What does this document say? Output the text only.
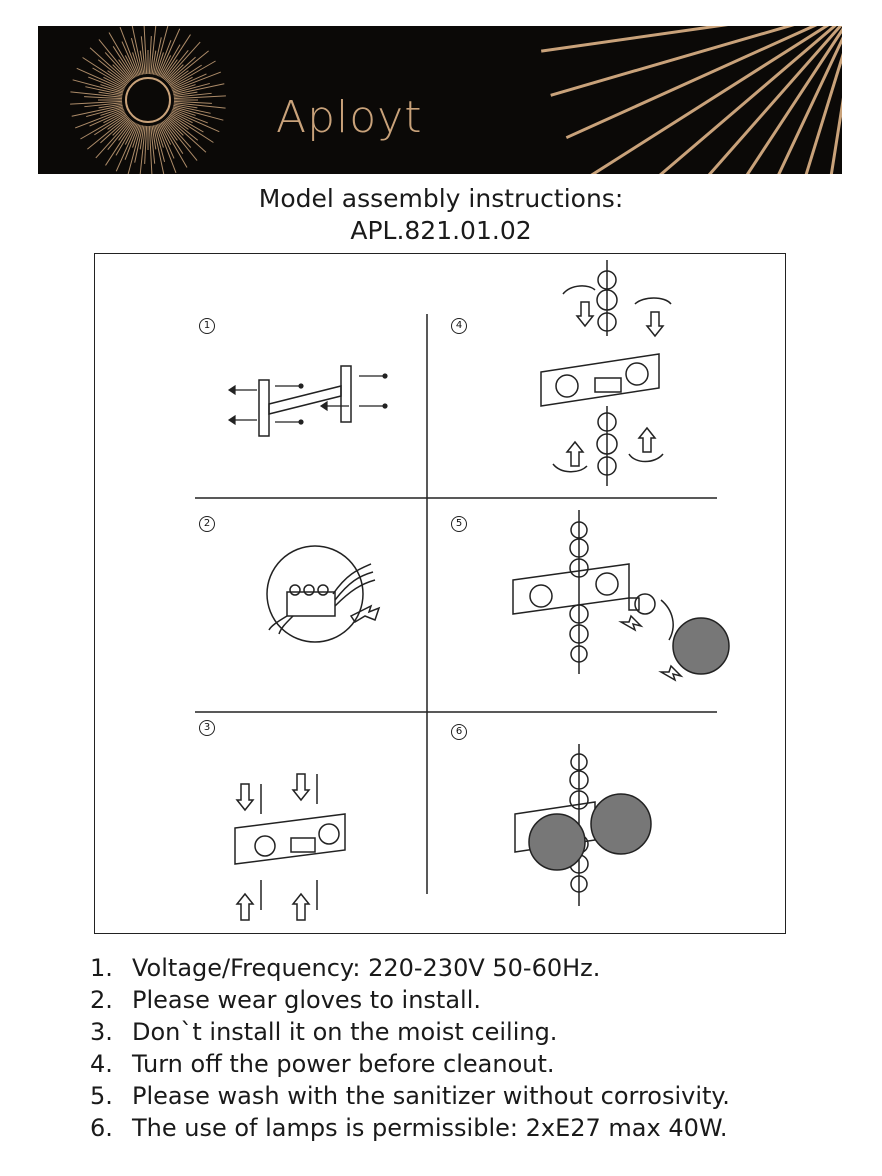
Aployt
Model assembly instructions:
APL.821.01.02
1
2
3
4
5
6
1. Voltage/Frequency: 220-230V 50-60Hz.
2. Please wear gloves to install.
3. Don`t install it on the moist ceiling.
4. Turn off the power before cleanout.
5. Please wash with the sanitizer without corrosivity.
6. The use of lamps is permissible: 2xE27 max 40W.
